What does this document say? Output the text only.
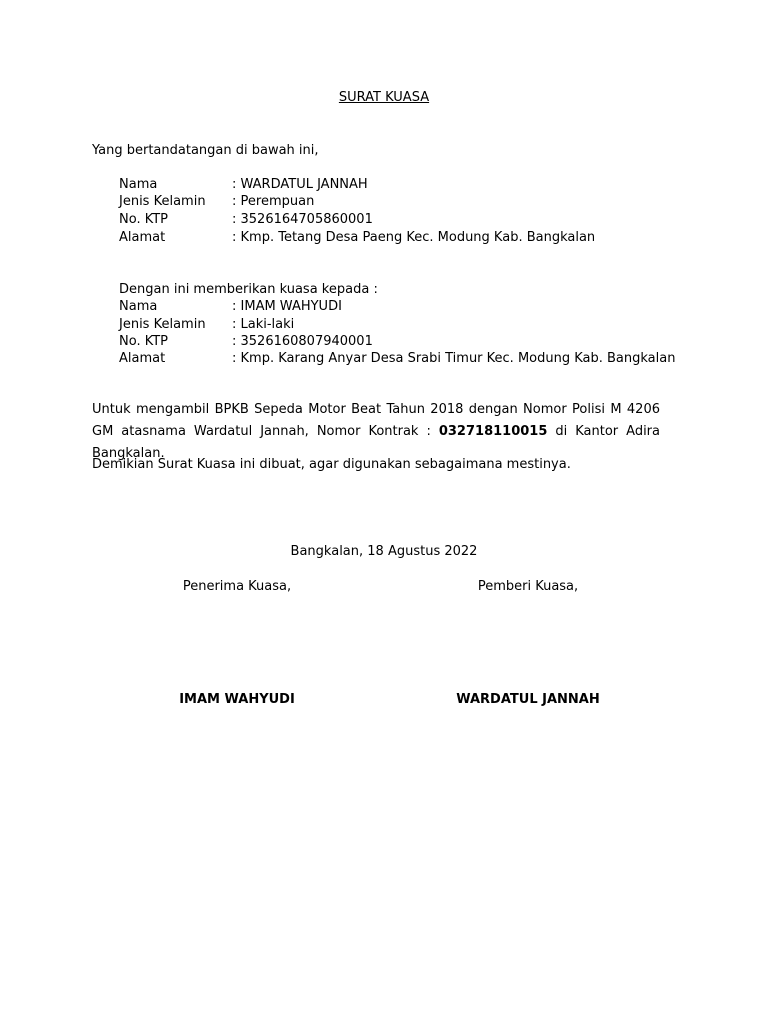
SURAT KUASA
Yang bertandatangan di bawah ini,
Nama	: WARDATUL JANNAH
Jenis Kelamin : Perempuan
No. KTP	: 3526164705860001
Alamat	: Kmp. Tetang Desa Paeng Kec. Modung Kab. Bangkalan
Dengan ini memberikan kuasa kepada :
Nama	: IMAM WAHYUDI
Jenis Kelamin : Laki-laki
No. KTP	: 3526160807940001
Alamat	: Kmp. Karang Anyar Desa Srabi Timur Kec. Modung Kab. Bangkalan
Untuk mengambil BPKB Sepeda Motor Beat Tahun 2018 dengan Nomor Polisi M 4206 GM atasnama Wardatul Jannah, Nomor Kontrak : 032718110015 di Kantor Adira Bangkalan.
Demikian Surat Kuasa ini dibuat, agar digunakan sebagaimana mestinya.
Bangkalan, 18 Agustus 2022
Penerima Kuasa,	Pemberi Kuasa,
IMAM WAHYUDI	WARDATUL JANNAH
